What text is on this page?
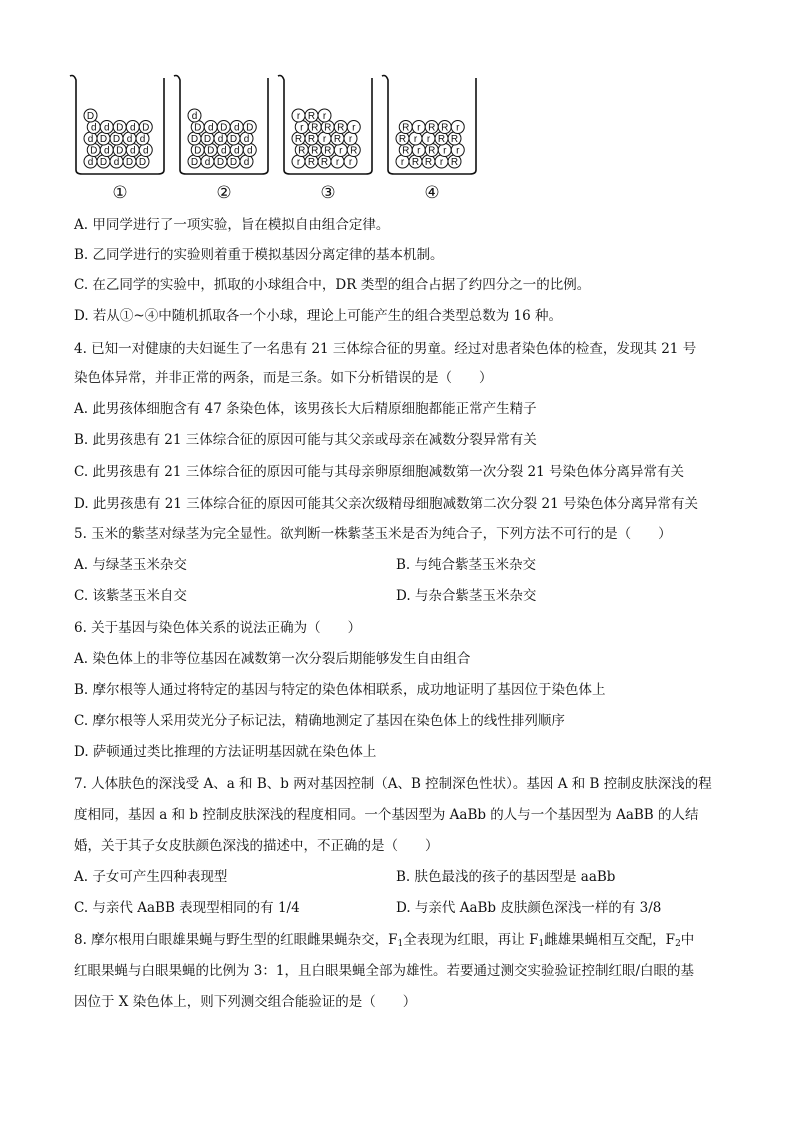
d D d D D
D d D d d
d D D d d
d d D d D
D
①
D d D D d
D D d d d
D D d D d
D d D d D
d
②
r R R r r
R R R r R
R R r R r
r R R R r
r R r
③
r R R r R
R r R r r
R r r R R
R r R R r
④
A. 甲同学进行了一项实验，旨在模拟自由组合定律。
B. 乙同学进行的实验则着重于模拟基因分离定律的基本机制。
C. 在乙同学的实验中，抓取的小球组合中，DR 类型的组合占据了约四分之一的比例。
D. 若从①~④中随机抓取各一个小球，理论上可能产生的组合类型总数为 16 种。
4. 已知一对健康的夫妇诞生了一名患有 21 三体综合征的男童。经过对患者染色体的检查，发现其 21 号
染色体异常，并非正常的两条，而是三条。如下分析错误的是（　　）
A. 此男孩体细胞含有 47 条染色体，该男孩长大后精原细胞都能正常产生精子
B. 此男孩患有 21 三体综合征的原因可能与其父亲或母亲在减数分裂异常有关
C. 此男孩患有 21 三体综合征的原因可能与其母亲卵原细胞减数第一次分裂 21 号染色体分离异常有关
D. 此男孩患有 21 三体综合征的原因可能其父亲次级精母细胞减数第二次分裂 21 号染色体分离异常有关
5. 玉米的紫茎对绿茎为完全显性。欲判断一株紫茎玉米是否为纯合子，下列方法不可行的是（　　）
A. 与绿茎玉米杂交	B. 与纯合紫茎玉米杂交
C. 该紫茎玉米自交	D. 与杂合紫茎玉米杂交
6. 关于基因与染色体关系的说法正确为（　　）
A. 染色体上的非等位基因在减数第一次分裂后期能够发生自由组合
B. 摩尔根等人通过将特定的基因与特定的染色体相联系，成功地证明了基因位于染色体上
C. 摩尔根等人采用荧光分子标记法，精确地测定了基因在染色体上的线性排列顺序
D. 萨顿通过类比推理的方法证明基因就在染色体上
7. 人体肤色的深浅受 A、a 和 B、b 两对基因控制（A、B 控制深色性状）。基因 A 和 B 控制皮肤深浅的程
度相同，基因 a 和 b 控制皮肤深浅的程度相同。一个基因型为 AaBb 的人与一个基因型为 AaBB 的人结
婚，关于其子女皮肤颜色深浅的描述中，不正确的是（　　）
A. 子女可产生四种表现型	B. 肤色最浅的孩子的基因型是 aaBb
C. 与亲代 AaBB 表现型相同的有 1/4	D. 与亲代 AaBb 皮肤颜色深浅一样的有 3/8
8. 摩尔根用白眼雄果蝇与野生型的红眼雌果蝇杂交，$F_1$全表现为红眼，再让 $F_1$雌雄果蝇相互交配，$F_2$中
红眼果蝇与白眼果蝇的比例为 3：1，且白眼果蝇全部为雄性。若要通过测交实验验证控制红眼/白眼的基
因位于 X 染色体上，则下列测交组合能验证的是（　　）
